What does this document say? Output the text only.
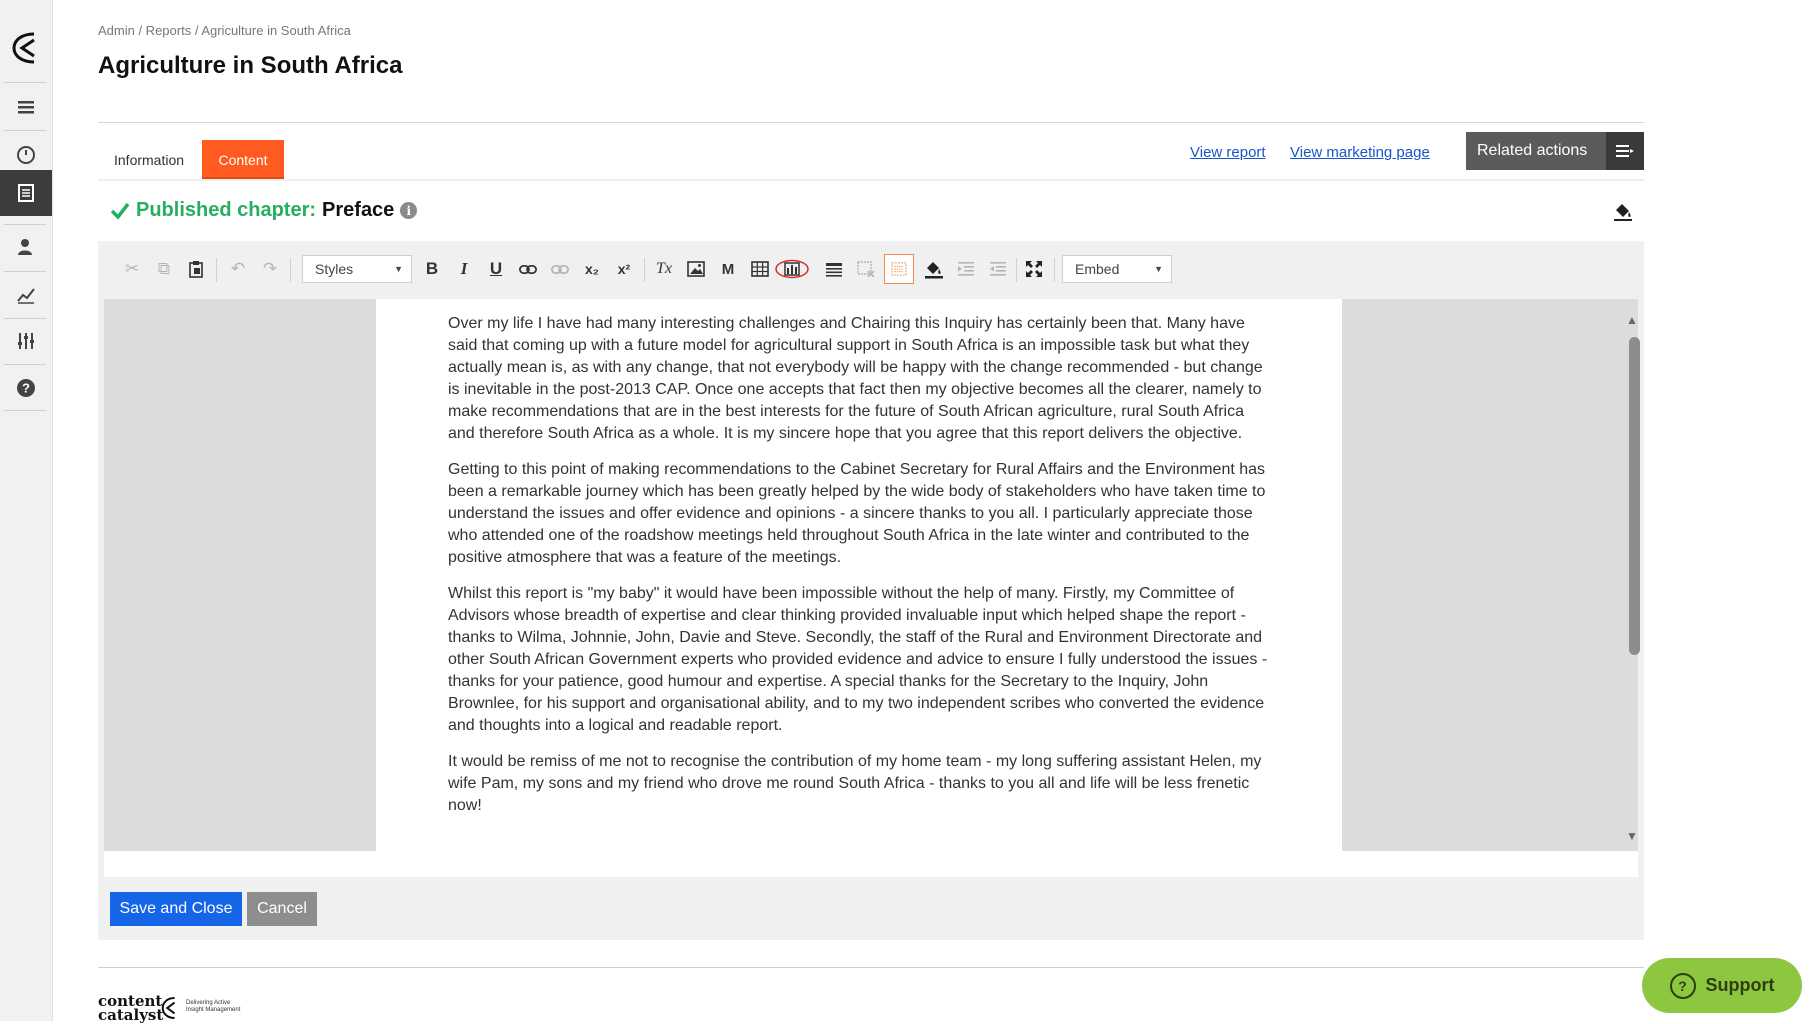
?
Admin / Reports / Agriculture in South Africa
Agriculture in South Africa
Information	Content	View report View marketing page	Related actions
Published chapter: Preface	i
✂	⧉	↶	↷	Styles	▼	B	I	U	x₂	x²	Tx	M	Embed	▼

Over my life I have had many interesting challenges and Chairing this Inquiry has certainly been that. Many have said that coming up with a future model for agricultural support in South Africa is an impossible task but what they actually mean is, as with any change, that not everybody will be happy with the change recommended - but change is inevitable in the post-2013 CAP. Once one accepts that fact then my objective becomes all the clearer, namely to make recommendations that are in the best interests for the future of South African agriculture, rural South Africa and therefore South Africa as a whole. It is my sincere hope that you agree that this report delivers the objective.

Getting to this point of making recommendations to the Cabinet Secretary for Rural Affairs and the Environment has been a remarkable journey which has been greatly helped by the wide body of stakeholders who have taken time to understand the issues and offer evidence and opinions - a sincere thanks to you all. I particularly appreciate those who attended one of the roadshow meetings held throughout South Africa in the late winter and contributed to the positive atmosphere that was a feature of the meetings.

Whilst this report is "my baby" it would have been impossible without the help of many. Firstly, my Committee of Advisors whose breadth of expertise and clear thinking provided invaluable input which helped shape the report - thanks to Wilma, Johnnie, John, Davie and Steve. Secondly, the staff of the Rural and Environment Directorate and other South African Government experts who provided evidence and advice to ensure I fully understood the issues - thanks for your patience, good humour and expertise. A special thanks for the Secretary to the Inquiry, John Brownlee, for his support and organisational ability, and to my two independent scribes who converted the evidence and thoughts into a logical and readable report.

It would be remiss of me not to recognise the contribution of my home team - my long suffering assistant Helen, my wife Pam, my sons and my friend who drove me round South Africa - thanks to you all and life will be less frenetic now!

▲
▼
Save and Close	Cancel
content
catalyst
Delivering Active
Insight Management
?	Support
